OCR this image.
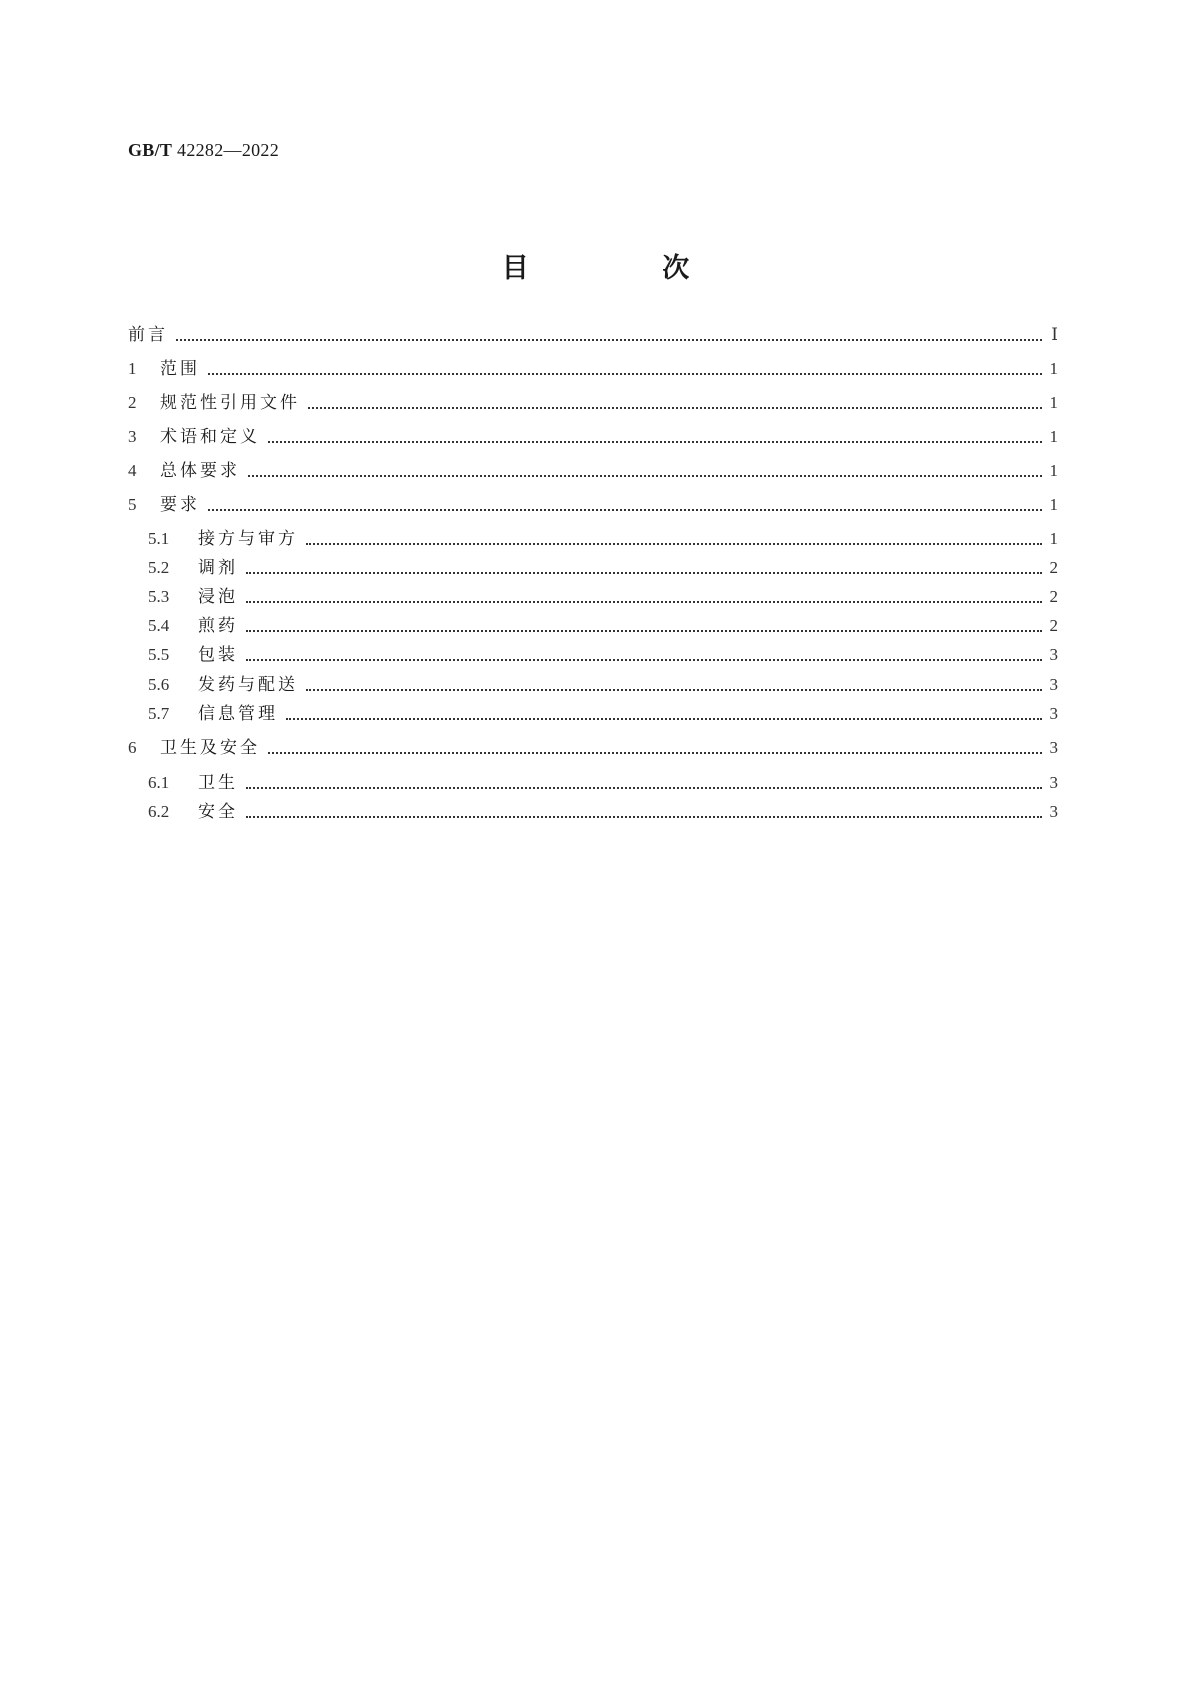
GB/T 42282—2022
目 次
前言	Ⅰ
1	范围	1
2	规范性引用文件	1
3	术语和定义	1
4	总体要求	1
5	要求	1
5.1	接方与审方	1
5.2	调剂	2
5.3	浸泡	2
5.4	煎药	2
5.5	包装	3
5.6	发药与配送	3
5.7	信息管理	3
6	卫生及安全	3
6.1	卫生	3
6.2	安全	3
